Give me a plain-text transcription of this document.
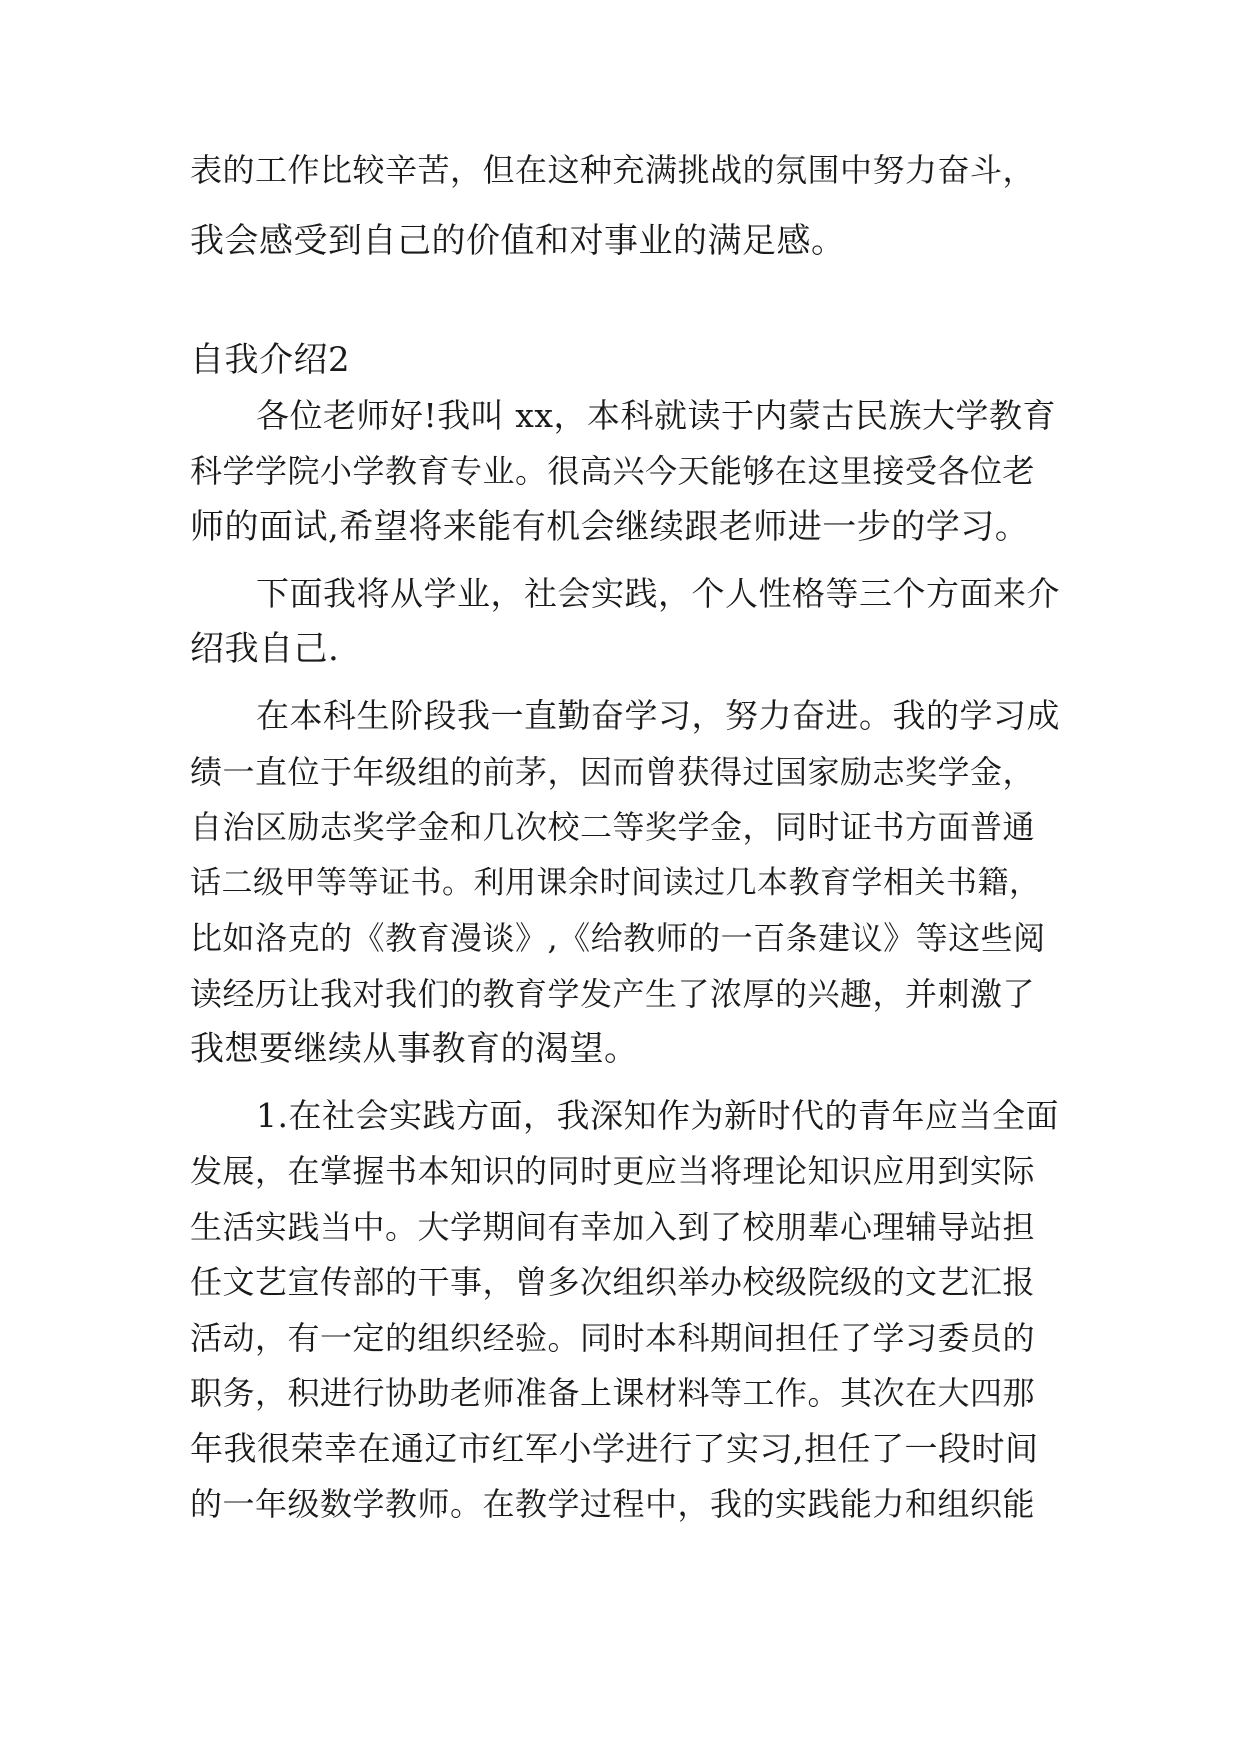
表的工作比较辛苦，但在这种充满挑战的氛围中努力奋斗，
我会感受到自己的价值和对事业的满足感。
自我介绍2
各位老师好!我叫 xx，本科就读于内蒙古民族大学教育
科学学院小学教育专业。很高兴今天能够在这里接受各位老
师的面试,希望将来能有机会继续跟老师进一步的学习。
下面我将从学业，社会实践，个人性格等三个方面来介
绍我自己.
在本科生阶段我一直勤奋学习，努力奋进。我的学习成
绩一直位于年级组的前茅，因而曾获得过国家励志奖学金，
自治区励志奖学金和几次校二等奖学金，同时证书方面普通
话二级甲等等证书。利用课余时间读过几本教育学相关书籍，
比如洛克的《教育漫谈》,《给教师的一百条建议》等这些阅
读经历让我对我们的教育学发产生了浓厚的兴趣，并刺激了
我想要继续从事教育的渴望。
1.在社会实践方面，我深知作为新时代的青年应当全面
发展，在掌握书本知识的同时更应当将理论知识应用到实际
生活实践当中。大学期间有幸加入到了校朋辈心理辅导站担
任文艺宣传部的干事，曾多次组织举办校级院级的文艺汇报
活动，有一定的组织经验。同时本科期间担任了学习委员的
职务，积进行协助老师准备上课材料等工作。其次在大四那
年我很荣幸在通辽市红军小学进行了实习,担任了一段时间
的一年级数学教师。在教学过程中，我的实践能力和组织能
